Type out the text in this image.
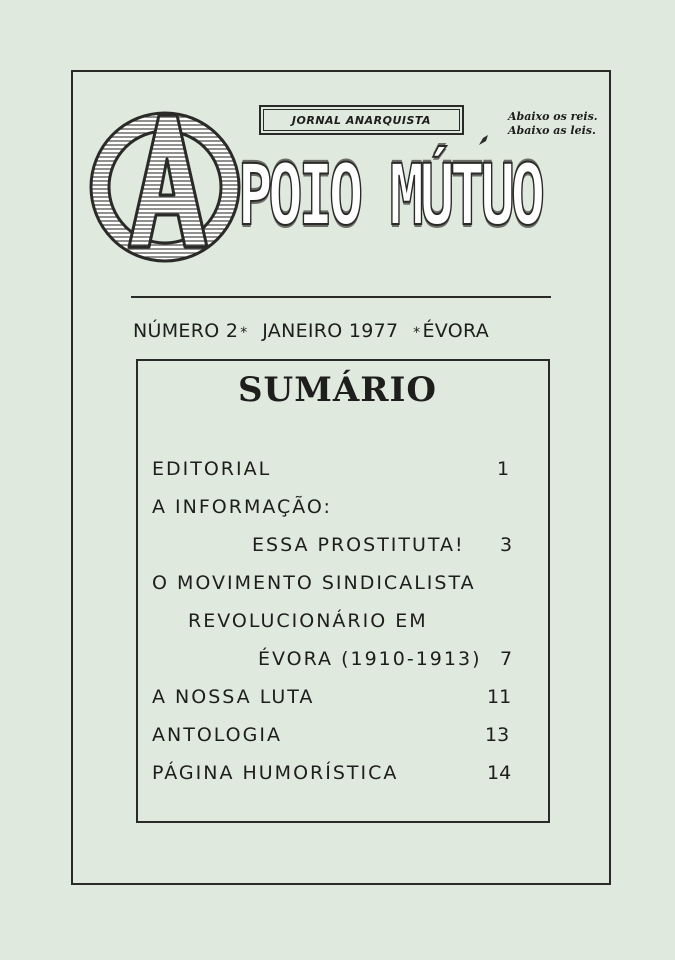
JORNAL ANARQUISTA	Abaixo os reis.
Abaixo as leis.
POIO MÚTUO
NÚMERO 2 * JANEIRO 1977 * ÉVORA
SUMÁRIO
EDITORIAL	1
A INFORMAÇÃO:
ESSA PROSTITUTA! 3
O MOVIMENTO SINDICALISTA
REVOLUCIONÁRIO EM
ÉVORA (1910-1913) 7
A NOSSA LUTA	11
ANTOLOGIA	13
PÁGINA HUMORÍSTICA	14
